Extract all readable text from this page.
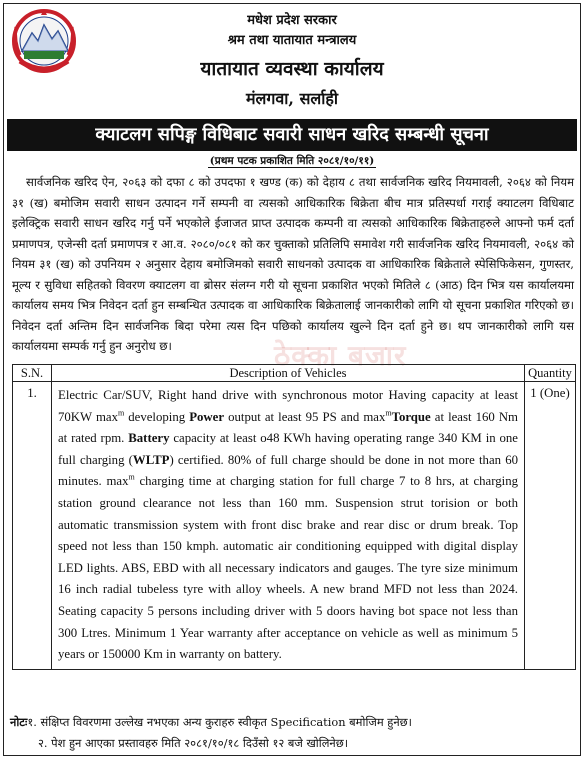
मधेश प्रदेश सरकार
श्रम तथा यातायात मन्त्रालय
यातायात व्यवस्था कार्यालय
मंलगवा, सर्लाही
क्याटलग सपिङ्ग विधिबाट सवारी साधन खरिद सम्बन्धी सूचना
(प्रथम पटक प्रकाशित मिति २०८१/१०/११)
सार्वजनिक खरिद ऐन, २०६३ को दफा ८ को उपदफा १ खण्ड (क) को देहाय ८ तथा सार्वजनिक खरिद नियमावली, २०६४ को नियम ३१ (ख) बमोजिम सवारी साधन उत्पादन गर्ने सम्पनी वा त्यसको आधिकारिक बिक्रेता बीच मात्र प्रतिस्पर्धा गराई क्याटलग विधिबाट इलेक्ट्रिक सवारी साधन खरिद गर्नु पर्ने भएकोले ईजाजत प्राप्त उत्पादक कम्पनी वा त्यसको आधिकारिक बिक्रेताहरुले आफ्नो फर्म दर्ता प्रमाणपत्र, एजेन्सी दर्ता प्रमाणपत्र र आ.व. २०८०/०८१ को कर चुक्ताको प्रतिलिपि समावेश गरी सार्वजनिक खरिद नियमावली, २०६४ को नियम ३१ (ख) को उपनियम २ अनुसार देहाय बमोजिमको सवारी साधनको उत्पादक वा आधिकारिक बिक्रेताले स्पेसिफिकेसन, गुणस्तर, मूल्य र सुविधा सहितको विवरण क्याटलग वा ब्रोसर संलग्न गरी यो सूचना प्रकाशित भएको मितिले ८ (आठ) दिन भित्र यस कार्यालयमा कार्यालय समय भित्र निवेदन दर्ता हुन सम्बन्धित उत्पादक वा आधिकारिक बिक्रेतालाई जानकारीको लागि यो सूचना प्रकाशित गरिएको छ। निवेदन दर्ता अन्तिम दिन सार्वजनिक बिदा परेमा त्यस दिन पछिको कार्यालय खुल्ने दिन दर्ता हुने छ। थप जानकारीको लागि यस कार्यालयमा सम्पर्क गर्नु हुन अनुरोध छ।	ठेक्का बजार
S.N.	Description of Vehicles	Quantity
1.	Electric Car/SUV, Right hand drive with synchronous motor Having capacity at least 70KW $\max^m$ developing Power output at least 95 PS and $\max^mTorque$ at least 160 Nm at rated rpm. Battery capacity at least o48 KWh having operating range 340 KM in one full charging (WLTP) certified. 80% of full charge should be done in not more than 60 minutes. $\max^m$ charging time at charging station for full charge 7 to 8 hrs, at charging station ground clearance not less than 160 mm. Suspension strut torision or both automatic transmission system with front disc brake and rear disc or drum break. Top speed not less than 150 kmph. automatic air conditioning equipped with digital display LED lights. ABS, EBD with all necessary indicators and gauges. The tyre size minimum 16 inch radial tubeless tyre with alloy wheels. A new brand MFD not less than 2024. Seating capacity 5 persons including driver with 5 doors having bot space not less than 300 Ltres. Minimum 1 Year warranty after acceptance on vehicle as well as minimum 5 years or 150000 Km in warranty on battery.	1 (One)
नोटः१. संक्षिप्त विवरणमा उल्लेख नभएका अन्य कुराहरु स्वीकृत Specification बमोजिम हुनेछ।
२. पेश हुन आएका प्रस्तावहरु मिति २०८१/१०/१८ दिउँसो १२ बजे खोलिनेछ।
